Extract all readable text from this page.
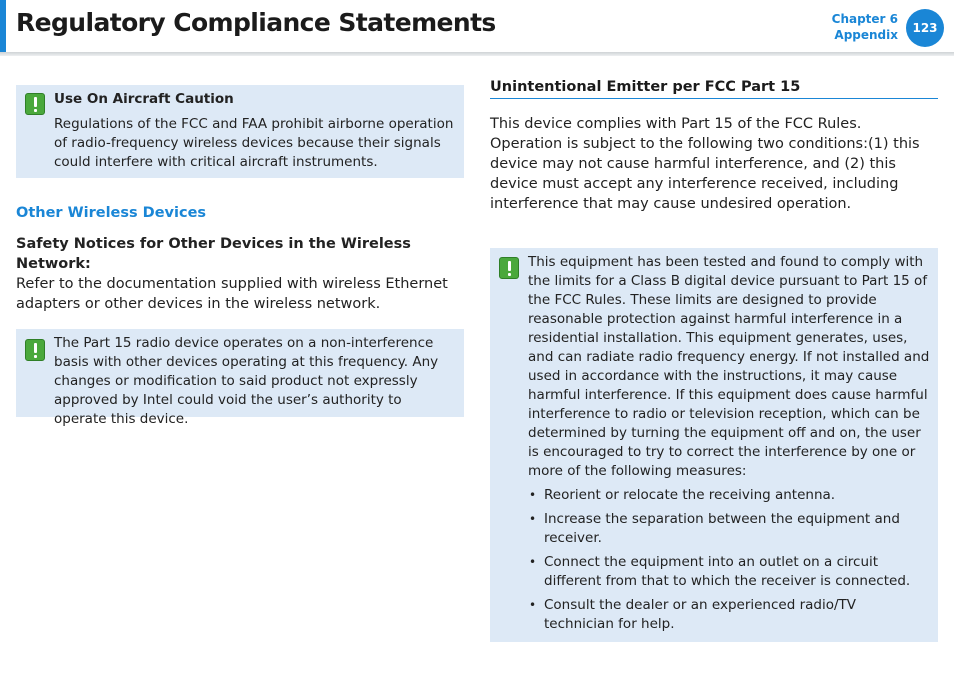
Regulatory Compliance Statements	Chapter 6
Appendix	123
Use On Aircraft Caution
Regulations of the FCC and FAA prohibit airborne operation of radio-frequency wireless devices because their signals could interfere with critical aircraft instruments.
Other Wireless Devices
Safety Notices for Other Devices in the Wireless Network:
Refer to the documentation supplied with wireless Ethernet adapters or other devices in the wireless network.
The Part 15 radio device operates on a non-interference basis with other devices operating at this frequency. Any changes or modification to said product not expressly approved by Intel could void the user’s authority to operate this device.
Unintentional Emitter per FCC Part 15
This device complies with Part 15 of the FCC Rules. Operation is subject to the following two conditions:(1) this device may not cause harmful interference, and (2) this device must accept any interference received, including interference that may cause undesired operation.
This equipment has been tested and found to comply with the limits for a Class B digital device pursuant to Part 15 of the FCC Rules. These limits are designed to provide reasonable protection against harmful interference in a residential installation. This equipment generates, uses, and can radiate radio frequency energy. If not installed and used in accordance with the instructions, it may cause harmful interference. If this equipment does cause harmful interference to radio or television reception, which can be determined by turning the equipment off and on, the user is encouraged to try to correct the interference by one or more of the following measures:
• Reorient or relocate the receiving antenna.
• Increase the separation between the equipment and receiver.
• Connect the equipment into an outlet on a circuit different from that to which the receiver is connected.
• Consult the dealer or an experienced radio/TV technician for help.
